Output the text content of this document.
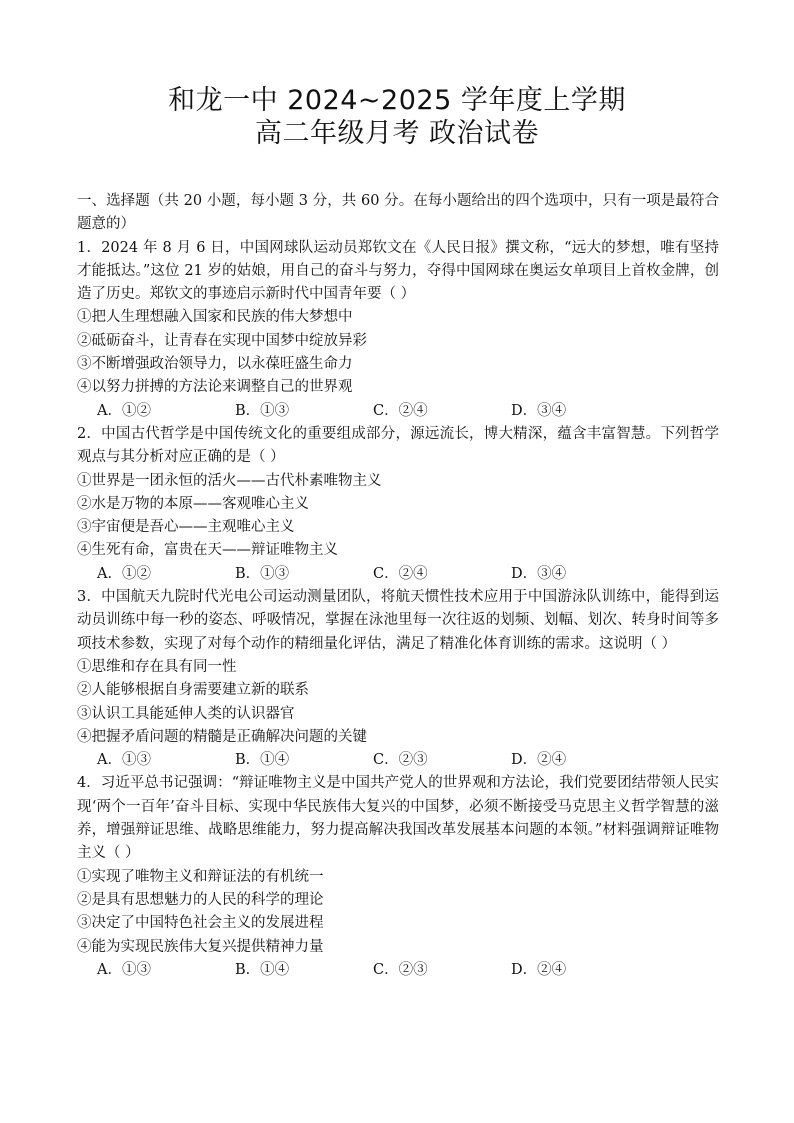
和龙一中 2024~2025 学年度上学期
高二年级月考 政治试卷

一、选择题（共 20 小题，每小题 3 分，共 60 分。在每小题给出的四个选项中，只有一项是最符合题意的）

1．2024 年 8 月 6 日，中国网球队运动员郑钦文在《人民日报》撰文称，“远大的梦想，唯有坚持才能抵达。”这位 21 岁的姑娘，用自己的奋斗与努力，夺得中国网球在奥运女单项目上首枚金牌，创造了历史。郑钦文的事迹启示新时代中国青年要（ ）

①把人生理想融入国家和民族的伟大梦想中

②砥砺奋斗，让青春在实现中国梦中绽放异彩

③不断增强政治领导力，以永葆旺盛生命力

④以努力拼搏的方法论来调整自己的世界观

A．①②	B．①③	C．②④	D．③④

2．中国古代哲学是中国传统文化的重要组成部分，源远流长，博大精深，蕴含丰富智慧。下列哲学观点与其分析对应正确的是（ ）

①世界是一团永恒的活火——古代朴素唯物主义

②水是万物的本原——客观唯心主义

③宇宙便是吾心——主观唯心主义

④生死有命，富贵在天——辩证唯物主义

A．①②	B．①③	C．②④	D．③④

3．中国航天九院时代光电公司运动测量团队，将航天惯性技术应用于中国游泳队训练中，能得到运动员训练中每一秒的姿态、呼吸情况，掌握在泳池里每一次往返的划频、划幅、划次、转身时间等多项技术参数，实现了对每个动作的精细量化评估，满足了精准化体育训练的需求。这说明（ ）

①思维和存在具有同一性

②人能够根据自身需要建立新的联系

③认识工具能延伸人类的认识器官

④把握矛盾问题的精髓是正确解决问题的关键

A．①③	B．①④	C．②③	D．②④

4．习近平总书记强调：“辩证唯物主义是中国共产党人的世界观和方法论，我们党要团结带领人民实现‘两个一百年’奋斗目标、实现中华民族伟大复兴的中国梦，必须不断接受马克思主义哲学智慧的滋养，增强辩证思维、战略思维能力，努力提高解决我国改革发展基本问题的本领。”材料强调辩证唯物主义（ ）

①实现了唯物主义和辩证法的有机统一

②是具有思想魅力的人民的科学的理论

③决定了中国特色社会主义的发展进程

④能为实现民族伟大复兴提供精神力量

A．①③	B．①④	C．②③	D．②④
